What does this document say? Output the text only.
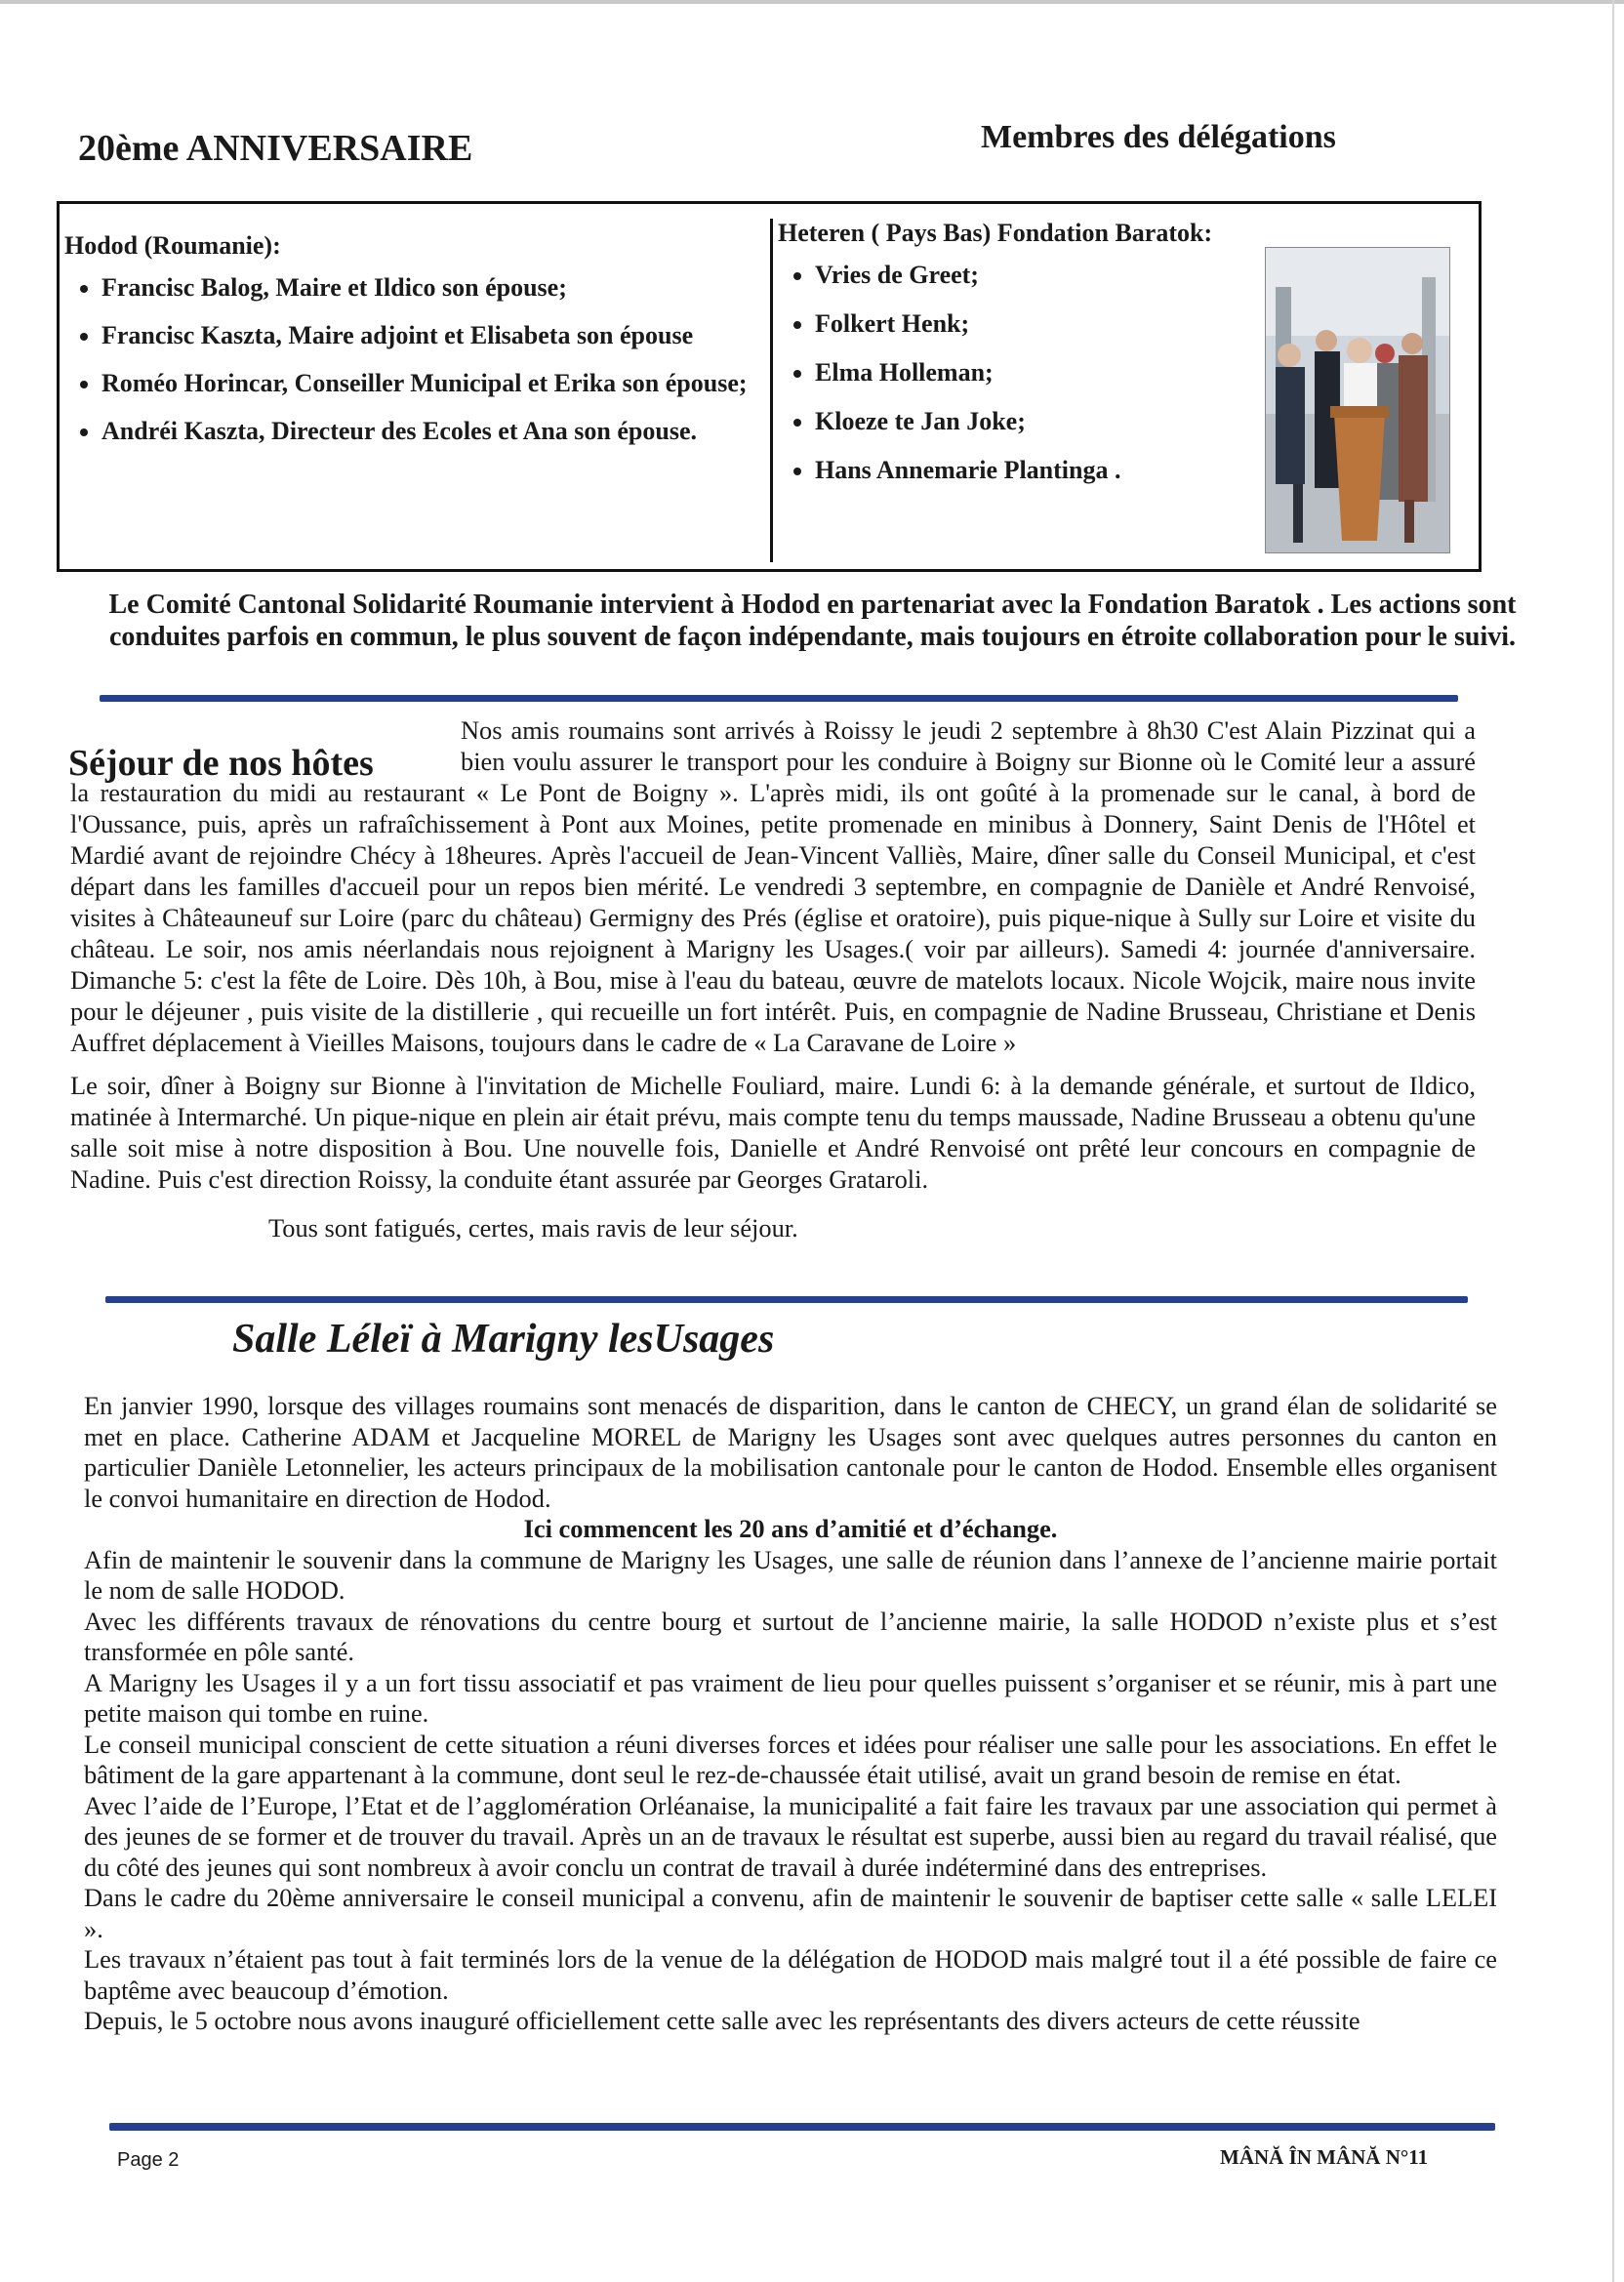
20ème ANNIVERSAIRE	Membres des délégations
Hodod (Roumanie):
• Francisc Balog, Maire et Ildico son épouse;
• Francisc Kaszta, Maire adjoint et Elisabeta son épouse
• Roméo Horincar, Conseiller Municipal et Erika son épouse;
• Andréi Kaszta, Directeur des Ecoles et Ana son épouse.
Heteren ( Pays Bas) Fondation Baratok:
• Vries de Greet;
• Folkert Henk;
• Elma Holleman;
• Kloeze te Jan Joke;
• Hans Annemarie Plantinga .
Le Comité Cantonal Solidarité Roumanie intervient à Hodod en partenariat avec la Fondation Baratok . Les actions sont conduites parfois en commun, le plus souvent de façon indépendante, mais toujours en étroite collaboration pour le suivi.
Séjour de nos hôtes

Nos amis roumains sont arrivés à Roissy le jeudi 2 septembre à 8h30 C'est Alain Pizzinat qui a bien voulu assurer le transport pour les conduire à Boigny sur Bionne où le Comité leur a assuré la restauration du midi au restaurant « Le Pont de Boigny ». L'après midi, ils ont goûté à la promenade sur le canal, à bord de l'Oussance, puis, après un rafraîchissement à Pont aux Moines, petite promenade en minibus à Donnery, Saint Denis de l'Hôtel et Mardié avant de rejoindre Chécy à 18heures. Après l'accueil de Jean-Vincent Valliès, Maire, dîner salle du Conseil Municipal, et c'est départ dans les familles d'accueil pour un repos bien mérité. Le vendredi 3 septembre, en compagnie de Danièle et André Renvoisé, visites à Châteauneuf sur Loire (parc du château) Germigny des Prés (église et oratoire), puis pique-nique à Sully sur Loire et visite du château. Le soir, nos amis néerlandais nous rejoignent à Marigny les Usages.( voir par ailleurs). Samedi 4: journée d'anniversaire. Dimanche 5: c'est la fête de Loire. Dès 10h, à Bou, mise à l'eau du bateau, œuvre de matelots locaux. Nicole Wojcik, maire nous invite pour le déjeuner , puis visite de la distillerie , qui recueille un fort intérêt. Puis, en compagnie de Nadine Brusseau, Christiane et Denis Auffret déplacement à Vieilles Maisons, toujours dans le cadre de « La Caravane de Loire »

Le soir, dîner à Boigny sur Bionne à l'invitation de Michelle Fouliard, maire. Lundi 6: à la demande générale, et surtout de Ildico, matinée à Intermarché. Un pique-nique en plein air était prévu, mais compte tenu du temps maussade, Nadine Brusseau a obtenu qu'une salle soit mise à notre disposition à Bou. Une nouvelle fois, Danielle et André Renvoisé ont prêté leur concours en compagnie de Nadine. Puis c'est direction Roissy, la conduite étant assurée par Georges Grataroli.

Tous sont fatigués, certes, mais ravis de leur séjour.

Salle Léleï à Marigny lesUsages

En janvier 1990, lorsque des villages roumains sont menacés de disparition, dans le canton de CHECY, un grand élan de solidarité se met en place. Catherine ADAM et Jacqueline MOREL de Marigny les Usages sont avec quelques autres personnes du canton en particulier Danièle Letonnelier, les acteurs principaux de la mobilisation cantonale pour le canton de Hodod. Ensemble elles organisent le convoi humanitaire en direction de Hodod.

Ici commencent les 20 ans d’amitié et d’échange.

Afin de maintenir le souvenir dans la commune de Marigny les Usages, une salle de réunion dans l’annexe de l’ancienne mairie portait le nom de salle HODOD.

Avec les différents travaux de rénovations du centre bourg et surtout de l’ancienne mairie, la salle HODOD n’existe plus et s’est transformée en pôle santé.

A Marigny les Usages il y a un fort tissu associatif et pas vraiment de lieu pour quelles puissent s’organiser et se réunir, mis à part une petite maison qui tombe en ruine.

Le conseil municipal conscient de cette situation a réuni diverses forces et idées pour réaliser une salle pour les associations. En effet le bâtiment de la gare appartenant à la commune, dont seul le rez-de-chaussée était utilisé, avait un grand besoin de remise en état.

Avec l’aide de l’Europe, l’Etat et de l’agglomération Orléanaise, la municipalité a fait faire les travaux par une association qui permet à des jeunes de se former et de trouver du travail. Après un an de travaux le résultat est superbe, aussi bien au regard du travail réalisé, que du côté des jeunes qui sont nombreux à avoir conclu un contrat de travail à durée indéterminé dans des entreprises.

Dans le cadre du 20ème anniversaire le conseil municipal a convenu, afin de maintenir le souvenir de baptiser cette salle « salle LELEI ».

Les travaux n’étaient pas tout à fait terminés lors de la venue de la délégation de HODOD mais malgré tout il a été possible de faire ce baptême avec beaucoup d’émotion.

Depuis, le 5 octobre nous avons inauguré officiellement cette salle avec les représentants des divers acteurs de cette réussite

Page 2	MÂNĂ ÎN MÂNĂ N°11
